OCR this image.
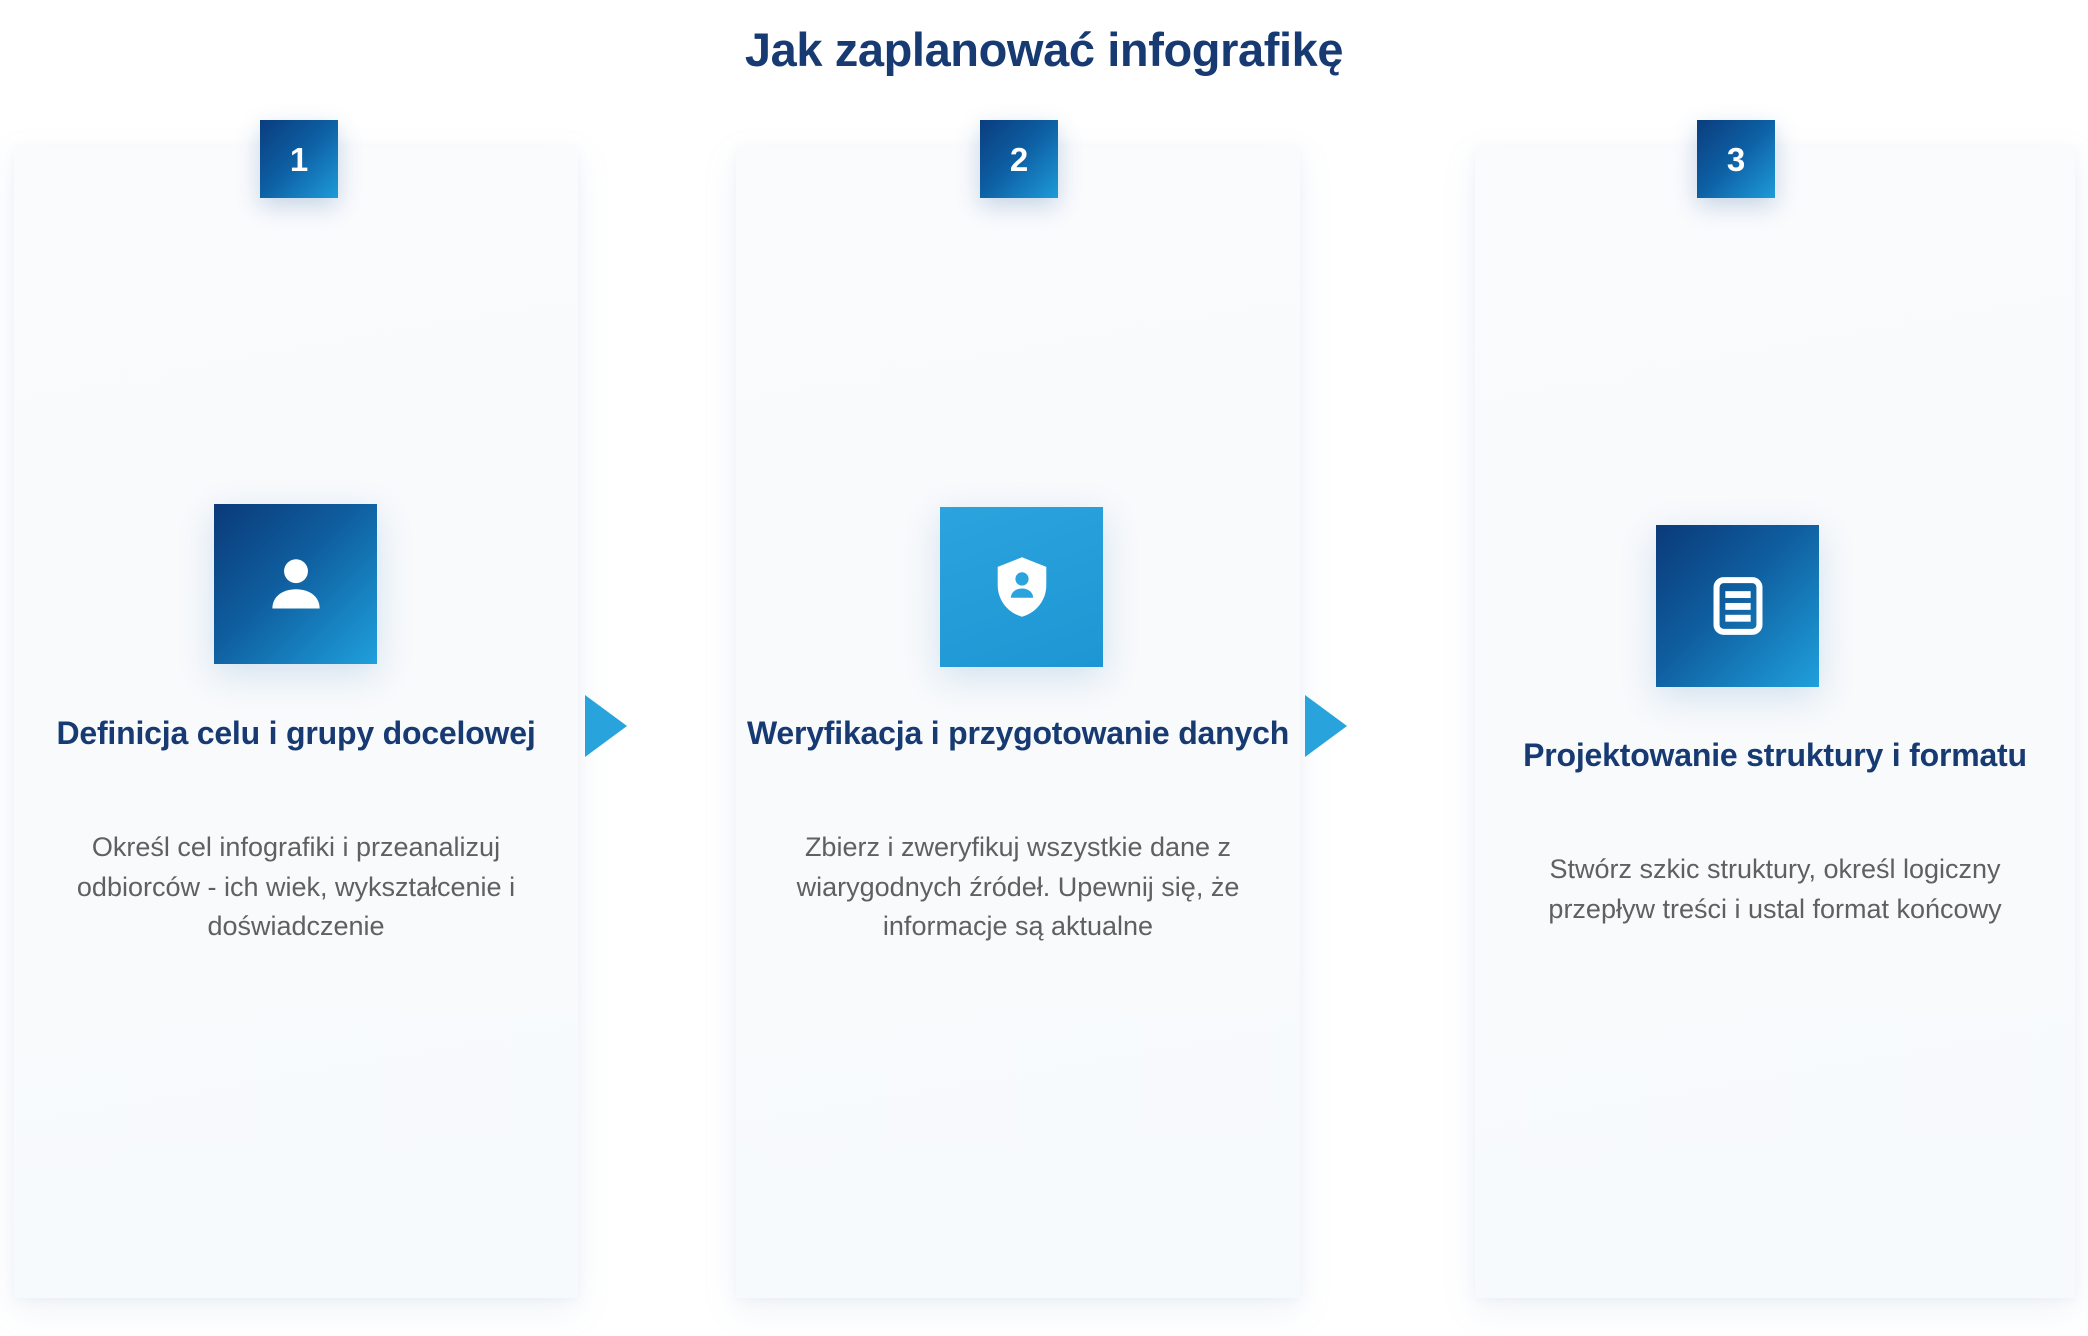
Jak zaplanować infografikę
1
Definicja celu i grupy docelowej
Określ cel infografiki i przeanalizuj odbiorców - ich wiek, wykształcenie i doświadczenie
2
Weryfikacja i przygotowanie danych
Zbierz i zweryfikuj wszystkie dane z wiarygodnych źródeł. Upewnij się, że informacje są aktualne
3
Projektowanie struktury i formatu
Stwórz szkic struktury, określ logiczny przepływ treści i ustal format końcowy
